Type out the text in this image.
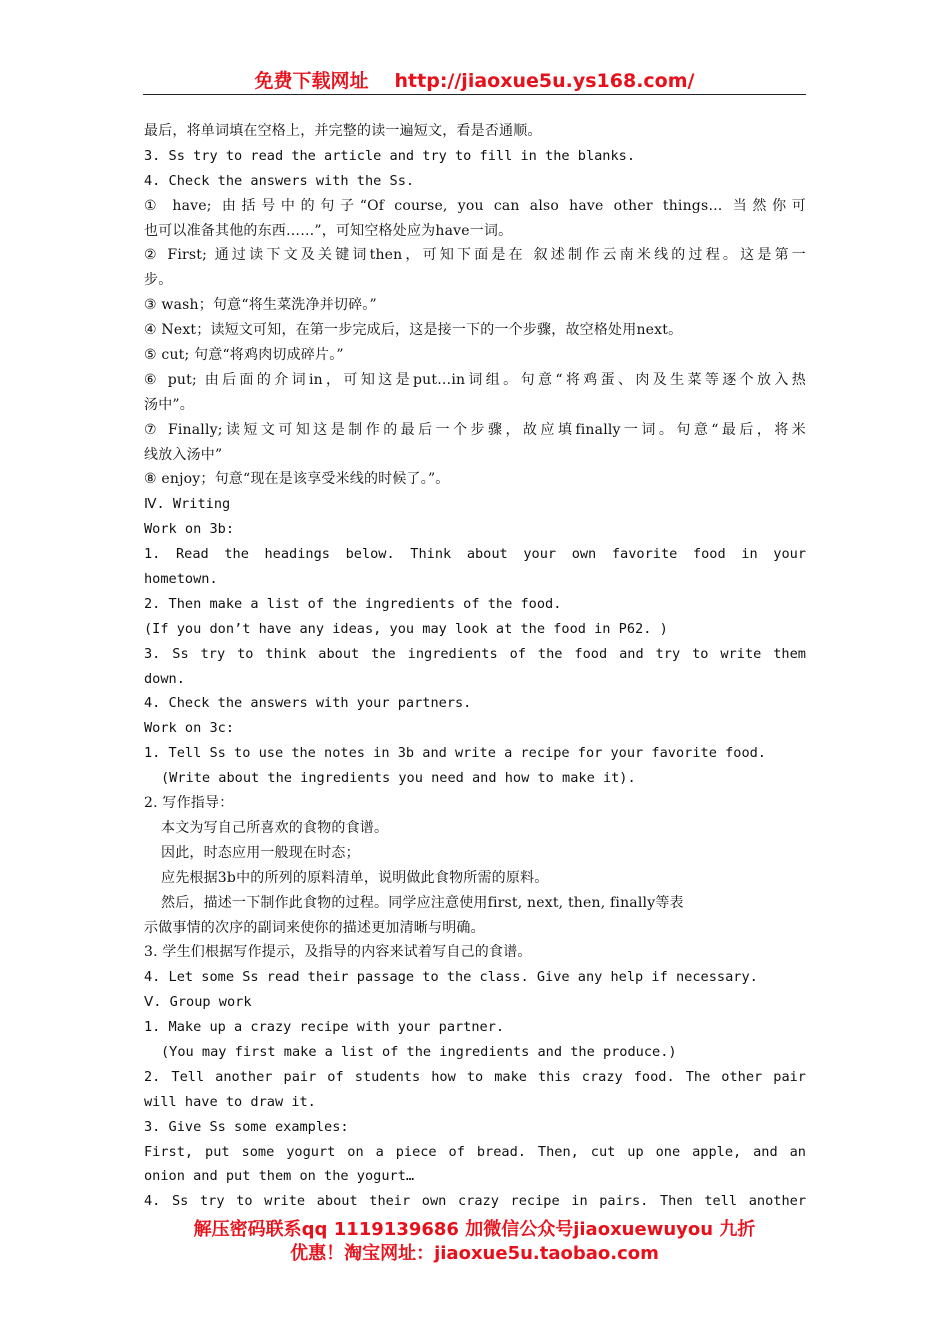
免费下载网址 http://jiaoxue5u.ys168.com/
最后，将单词填在空格上，并完整的读一遍短文，看是否通顺。
3. Ss try to read the article and try to fill in the blanks.
4. Check the answers with the Ss.
① have; 由括号中的句子“Of course, you can also have other things… 当然你可
也可以准备其他的东西……”，可知空格处应为have一词。
② First; 通过读下文及关键词then，可知下面是在 叙述制作云南米线的过程。这是第一
步。
③ wash；句意“将生菜洗净并切碎。”
④ Next；读短文可知，在第一步完成后，这是接一下的一个步骤，故空格处用next。
⑤ cut; 句意“将鸡肉切成碎片。”
⑥ put; 由后面的介词in，可知这是put…in词组。句意“将鸡蛋、肉及生菜等逐个放入热
汤中”。
⑦ Finally;读短文可知这是制作的最后一个步骤，故应填finally一词。句意“最后，将米
线放入汤中”
⑧ enjoy；句意“现在是该享受米线的时候了。”。
Ⅳ. Writing
Work on 3b:
1. Read the headings below. Think about your own favorite food in your
hometown.
2. Then make a list of the ingredients of the food.
(If you don’t have any ideas, you may look at the food in P62. )
3. Ss try to think about the ingredients of the food and try to write them
down.
4. Check the answers with your partners.
Work on 3c:
1. Tell Ss to use the notes in 3b and write a recipe for your favorite food.
(Write about the ingredients you need and how to make it).
2. 写作指导：
本文为写自己所喜欢的食物的食谱。
因此，时态应用一般现在时态；
应先根据3b中的所列的原料清单，说明做此食物所需的原料。
然后，描述一下制作此食物的过程。同学应注意使用first, next, then, finally等表
示做事情的次序的副词来使你的描述更加清晰与明确。
3. 学生们根据写作提示，及指导的内容来试着写自己的食谱。
4. Let some Ss read their passage to the class. Give any help if necessary.
Ⅴ. Group work
1. Make up a crazy recipe with your partner.
(You may first make a list of the ingredients and the produce.)
2. Tell another pair of students how to make this crazy food. The other pair
will have to draw it.
3. Give Ss some examples:
First, put some yogurt on a piece of bread. Then, cut up one apple, and an
onion and put them on the yogurt…
4. Ss try to write about their own crazy recipe in pairs. Then tell another
解压密码联系qq 1119139686 加微信公众号jiaoxuewuyou 九折
优惠！淘宝网址：jiaoxue5u.taobao.com
